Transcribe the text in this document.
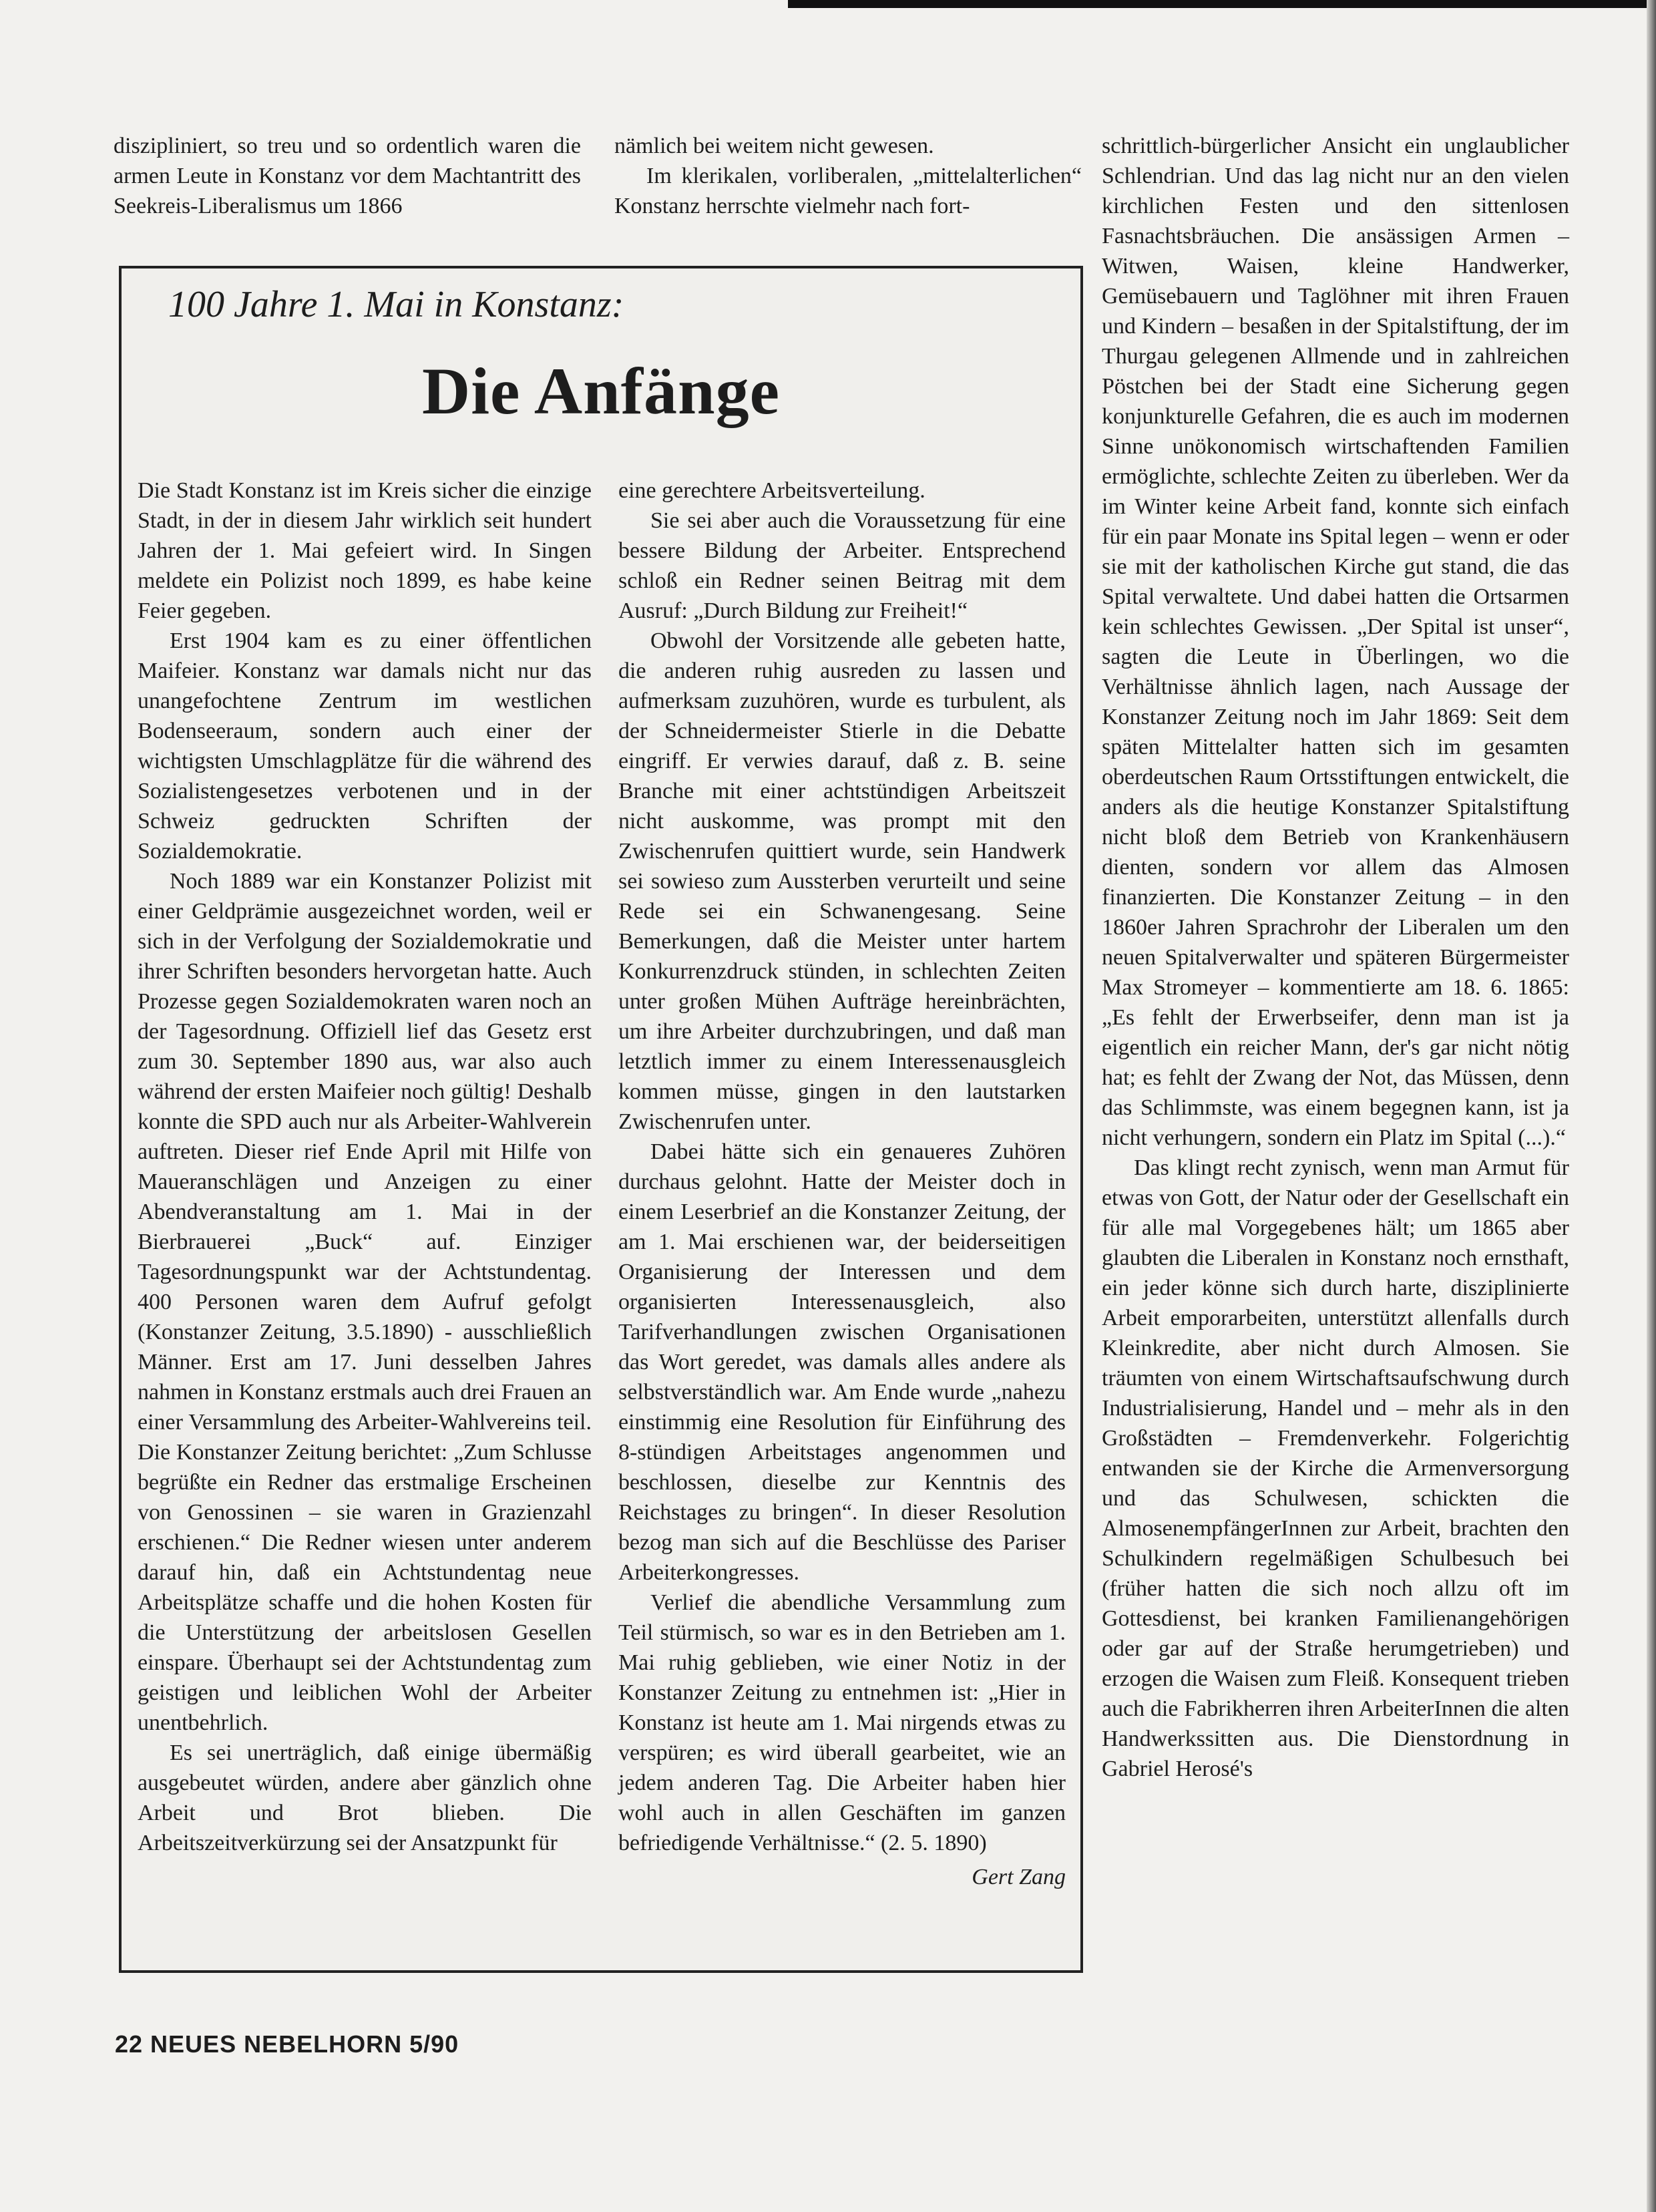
diszipliniert, so treu und so ordentlich waren die armen Leute in Konstanz vor dem Machtantritt des Seekreis-Liberalismus um 1866

nämlich bei weitem nicht gewesen.

Im klerikalen, vorliberalen, „mittelalterlichen“ Konstanz herrschte vielmehr nach fort-

schrittlich-bürgerlicher Ansicht ein unglaublicher Schlendrian. Und das lag nicht nur an den vielen kirchlichen Festen und den sittenlosen Fasnachtsbräuchen. Die ansässigen Armen – Witwen, Waisen, kleine Handwerker, Gemüsebauern und Taglöhner mit ihren Frauen und Kindern – besaßen in der Spitalstiftung, der im Thurgau gelegenen Allmende und in zahlreichen Pöstchen bei der Stadt eine Sicherung gegen konjunkturelle Gefahren, die es auch im modernen Sinne unökonomisch wirtschaftenden Familien ermöglichte, schlechte Zeiten zu überleben. Wer da im Winter keine Arbeit fand, konnte sich einfach für ein paar Monate ins Spital legen – wenn er oder sie mit der katholischen Kirche gut stand, die das Spital verwaltete. Und dabei hatten die Ortsarmen kein schlechtes Gewissen. „Der Spital ist unser“, sagten die Leute in Überlingen, wo die Verhältnisse ähnlich lagen, nach Aussage der Konstanzer Zeitung noch im Jahr 1869: Seit dem späten Mittelalter hatten sich im gesamten oberdeutschen Raum Ortsstiftungen entwickelt, die anders als die heutige Konstanzer Spitalstiftung nicht bloß dem Betrieb von Krankenhäusern dienten, sondern vor allem das Almosen finanzierten. Die Konstanzer Zeitung – in den 1860er Jahren Sprachrohr der Liberalen um den neuen Spitalverwalter und späteren Bürgermeister Max Stromeyer – kommentierte am 18. 6. 1865: „Es fehlt der Erwerbseifer, denn man ist ja eigentlich ein reicher Mann, der's gar nicht nötig hat; es fehlt der Zwang der Not, das Müssen, denn das Schlimmste, was einem begegnen kann, ist ja nicht verhungern, sondern ein Platz im Spital (...).“

Das klingt recht zynisch, wenn man Armut für etwas von Gott, der Natur oder der Gesellschaft ein für alle mal Vorgegebenes hält; um 1865 aber glaubten die Liberalen in Konstanz noch ernsthaft, ein jeder könne sich durch harte, disziplinierte Arbeit emporarbeiten, unterstützt allenfalls durch Kleinkredite, aber nicht durch Almosen. Sie träumten von einem Wirtschaftsaufschwung durch Industrialisierung, Handel und – mehr als in den Großstädten – Fremdenverkehr. Folgerichtig entwanden sie der Kirche die Armenversorgung und das Schulwesen, schickten die AlmosenempfängerInnen zur Arbeit, brachten den Schulkindern regelmäßigen Schulbesuch bei (früher hatten die sich noch allzu oft im Gottesdienst, bei kranken Familienangehörigen oder gar auf der Straße herumgetrieben) und erzogen die Waisen zum Fleiß. Konsequent trieben auch die Fabrikherren ihren ArbeiterInnen die alten Handwerkssitten aus. Die Dienstordnung in Gabriel Herosé's

100 Jahre 1. Mai in Konstanz:
Die Anfänge

Die Stadt Konstanz ist im Kreis sicher die einzige Stadt, in der in diesem Jahr wirklich seit hundert Jahren der 1. Mai gefeiert wird. In Singen meldete ein Polizist noch 1899, es habe keine Feier gegeben.

Erst 1904 kam es zu einer öffentlichen Maifeier. Konstanz war damals nicht nur das unangefochtene Zentrum im westlichen Bodenseeraum, sondern auch einer der wichtigsten Umschlagplätze für die während des Sozialistengesetzes verbotenen und in der Schweiz gedruckten Schriften der Sozialdemokratie.

Noch 1889 war ein Konstanzer Polizist mit einer Geldprämie ausgezeichnet worden, weil er sich in der Verfolgung der Sozialdemokratie und ihrer Schriften besonders hervorgetan hatte. Auch Prozesse gegen Sozialdemokraten waren noch an der Tagesordnung. Offiziell lief das Gesetz erst zum 30. September 1890 aus, war also auch während der ersten Maifeier noch gültig! Deshalb konnte die SPD auch nur als Arbeiter-Wahlverein auftreten. Dieser rief Ende April mit Hilfe von Maueranschlägen und Anzeigen zu einer Abendveranstaltung am 1. Mai in der Bierbrauerei „Buck“ auf. Einziger Tagesordnungspunkt war der Achtstundentag. 400 Personen waren dem Aufruf gefolgt (Konstanzer Zeitung, 3.5.1890) - ausschließlich Männer. Erst am 17. Juni desselben Jahres nahmen in Konstanz erstmals auch drei Frauen an einer Versammlung des Arbeiter-Wahlvereins teil. Die Konstanzer Zeitung berichtet: „Zum Schlusse begrüßte ein Redner das erstmalige Erscheinen von Genossinen – sie waren in Grazienzahl erschienen.“ Die Redner wiesen unter anderem darauf hin, daß ein Achtstundentag neue Arbeitsplätze schaffe und die hohen Kosten für die Unterstützung der arbeitslosen Gesellen einspare. Überhaupt sei der Achtstundentag zum geistigen und leiblichen Wohl der Arbeiter unentbehrlich.

Es sei unerträglich, daß einige übermäßig ausgebeutet würden, andere aber gänzlich ohne Arbeit und Brot blieben. Die Arbeitszeitverkürzung sei der Ansatzpunkt für

eine gerechtere Arbeitsverteilung.

Sie sei aber auch die Voraussetzung für eine bessere Bildung der Arbeiter. Entsprechend schloß ein Redner seinen Beitrag mit dem Ausruf: „Durch Bildung zur Freiheit!“

Obwohl der Vorsitzende alle gebeten hatte, die anderen ruhig ausreden zu lassen und aufmerksam zuzuhören, wurde es turbulent, als der Schneidermeister Stierle in die Debatte eingriff. Er verwies darauf, daß z. B. seine Branche mit einer achtstündigen Arbeitszeit nicht auskomme, was prompt mit den Zwischenrufen quittiert wurde, sein Handwerk sei sowieso zum Aussterben verurteilt und seine Rede sei ein Schwanengesang. Seine Bemerkungen, daß die Meister unter hartem Konkurrenzdruck stünden, in schlechten Zeiten unter großen Mühen Aufträge hereinbrächten, um ihre Arbeiter durchzubringen, und daß man letztlich immer zu einem Interessenausgleich kommen müsse, gingen in den lautstarken Zwischenrufen unter.

Dabei hätte sich ein genaueres Zuhören durchaus gelohnt. Hatte der Meister doch in einem Leserbrief an die Konstanzer Zeitung, der am 1. Mai erschienen war, der beiderseitigen Organisierung der Interessen und dem organisierten Interessenausgleich, also Tarifverhandlungen zwischen Organisationen das Wort geredet, was damals alles andere als selbstverständlich war. Am Ende wurde „nahezu einstimmig eine Resolution für Einführung des 8-stündigen Arbeitstages angenommen und beschlossen, dieselbe zur Kenntnis des Reichstages zu bringen“. In dieser Resolution bezog man sich auf die Beschlüsse des Pariser Arbeiterkongresses.

Verlief die abendliche Versammlung zum Teil stürmisch, so war es in den Betrieben am 1. Mai ruhig geblieben, wie einer Notiz in der Konstanzer Zeitung zu entnehmen ist: „Hier in Konstanz ist heute am 1. Mai nirgends etwas zu verspüren; es wird überall gearbeitet, wie an jedem anderen Tag. Die Arbeiter haben hier wohl auch in allen Geschäften im ganzen befriedigende Verhältnisse.“ (2. 5. 1890)

Gert Zang
22 NEUES NEBELHORN 5/90
